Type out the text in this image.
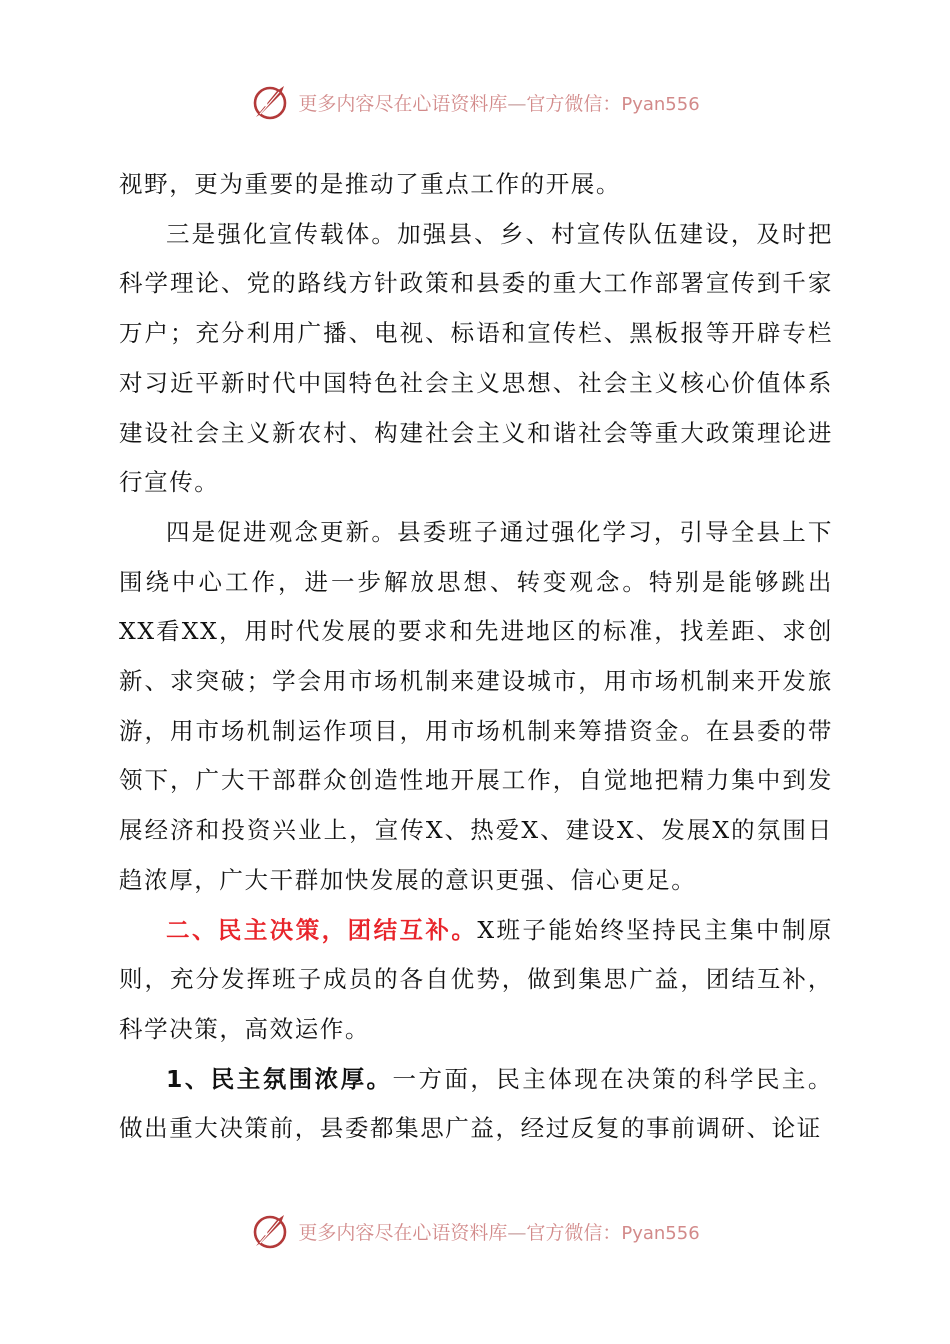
更多内容尽在心语资料库—官方微信：Pyan556

视野，更为重要的是推动了重点工作的开展。

三是强化宣传载体。加强县、乡、村宣传队伍建设，及时把科学理论、党的路线方针政策和县委的重大工作部署宣传到千家万户；充分利用广播、电视、标语和宣传栏、黑板报等开辟专栏对习近平新时代中国特色社会主义思想、社会主义核心价值体系建设社会主义新农村、构建社会主义和谐社会等重大政策理论进行宣传。

四是促进观念更新。县委班子通过强化学习，引导全县上下围绕中心工作，进一步解放思想、转变观念。特别是能够跳出XX看XX，用时代发展的要求和先进地区的标准，找差距、求创新、求突破；学会用市场机制来建设城市，用市场机制来开发旅游，用市场机制运作项目，用市场机制来筹措资金。在县委的带领下，广大干部群众创造性地开展工作，自觉地把精力集中到发展经济和投资兴业上，宣传X、热爱X、建设X、发展X的氛围日趋浓厚，广大干群加快发展的意识更强、信心更足。

二、民主决策，团结互补。X班子能始终坚持民主集中制原则，充分发挥班子成员的各自优势，做到集思广益，团结互补，科学决策，高效运作。

1、民主氛围浓厚。一方面，民主体现在决策的科学民主。做出重大决策前，县委都集思广益，经过反复的事前调研、论证

更多内容尽在心语资料库—官方微信：Pyan556
